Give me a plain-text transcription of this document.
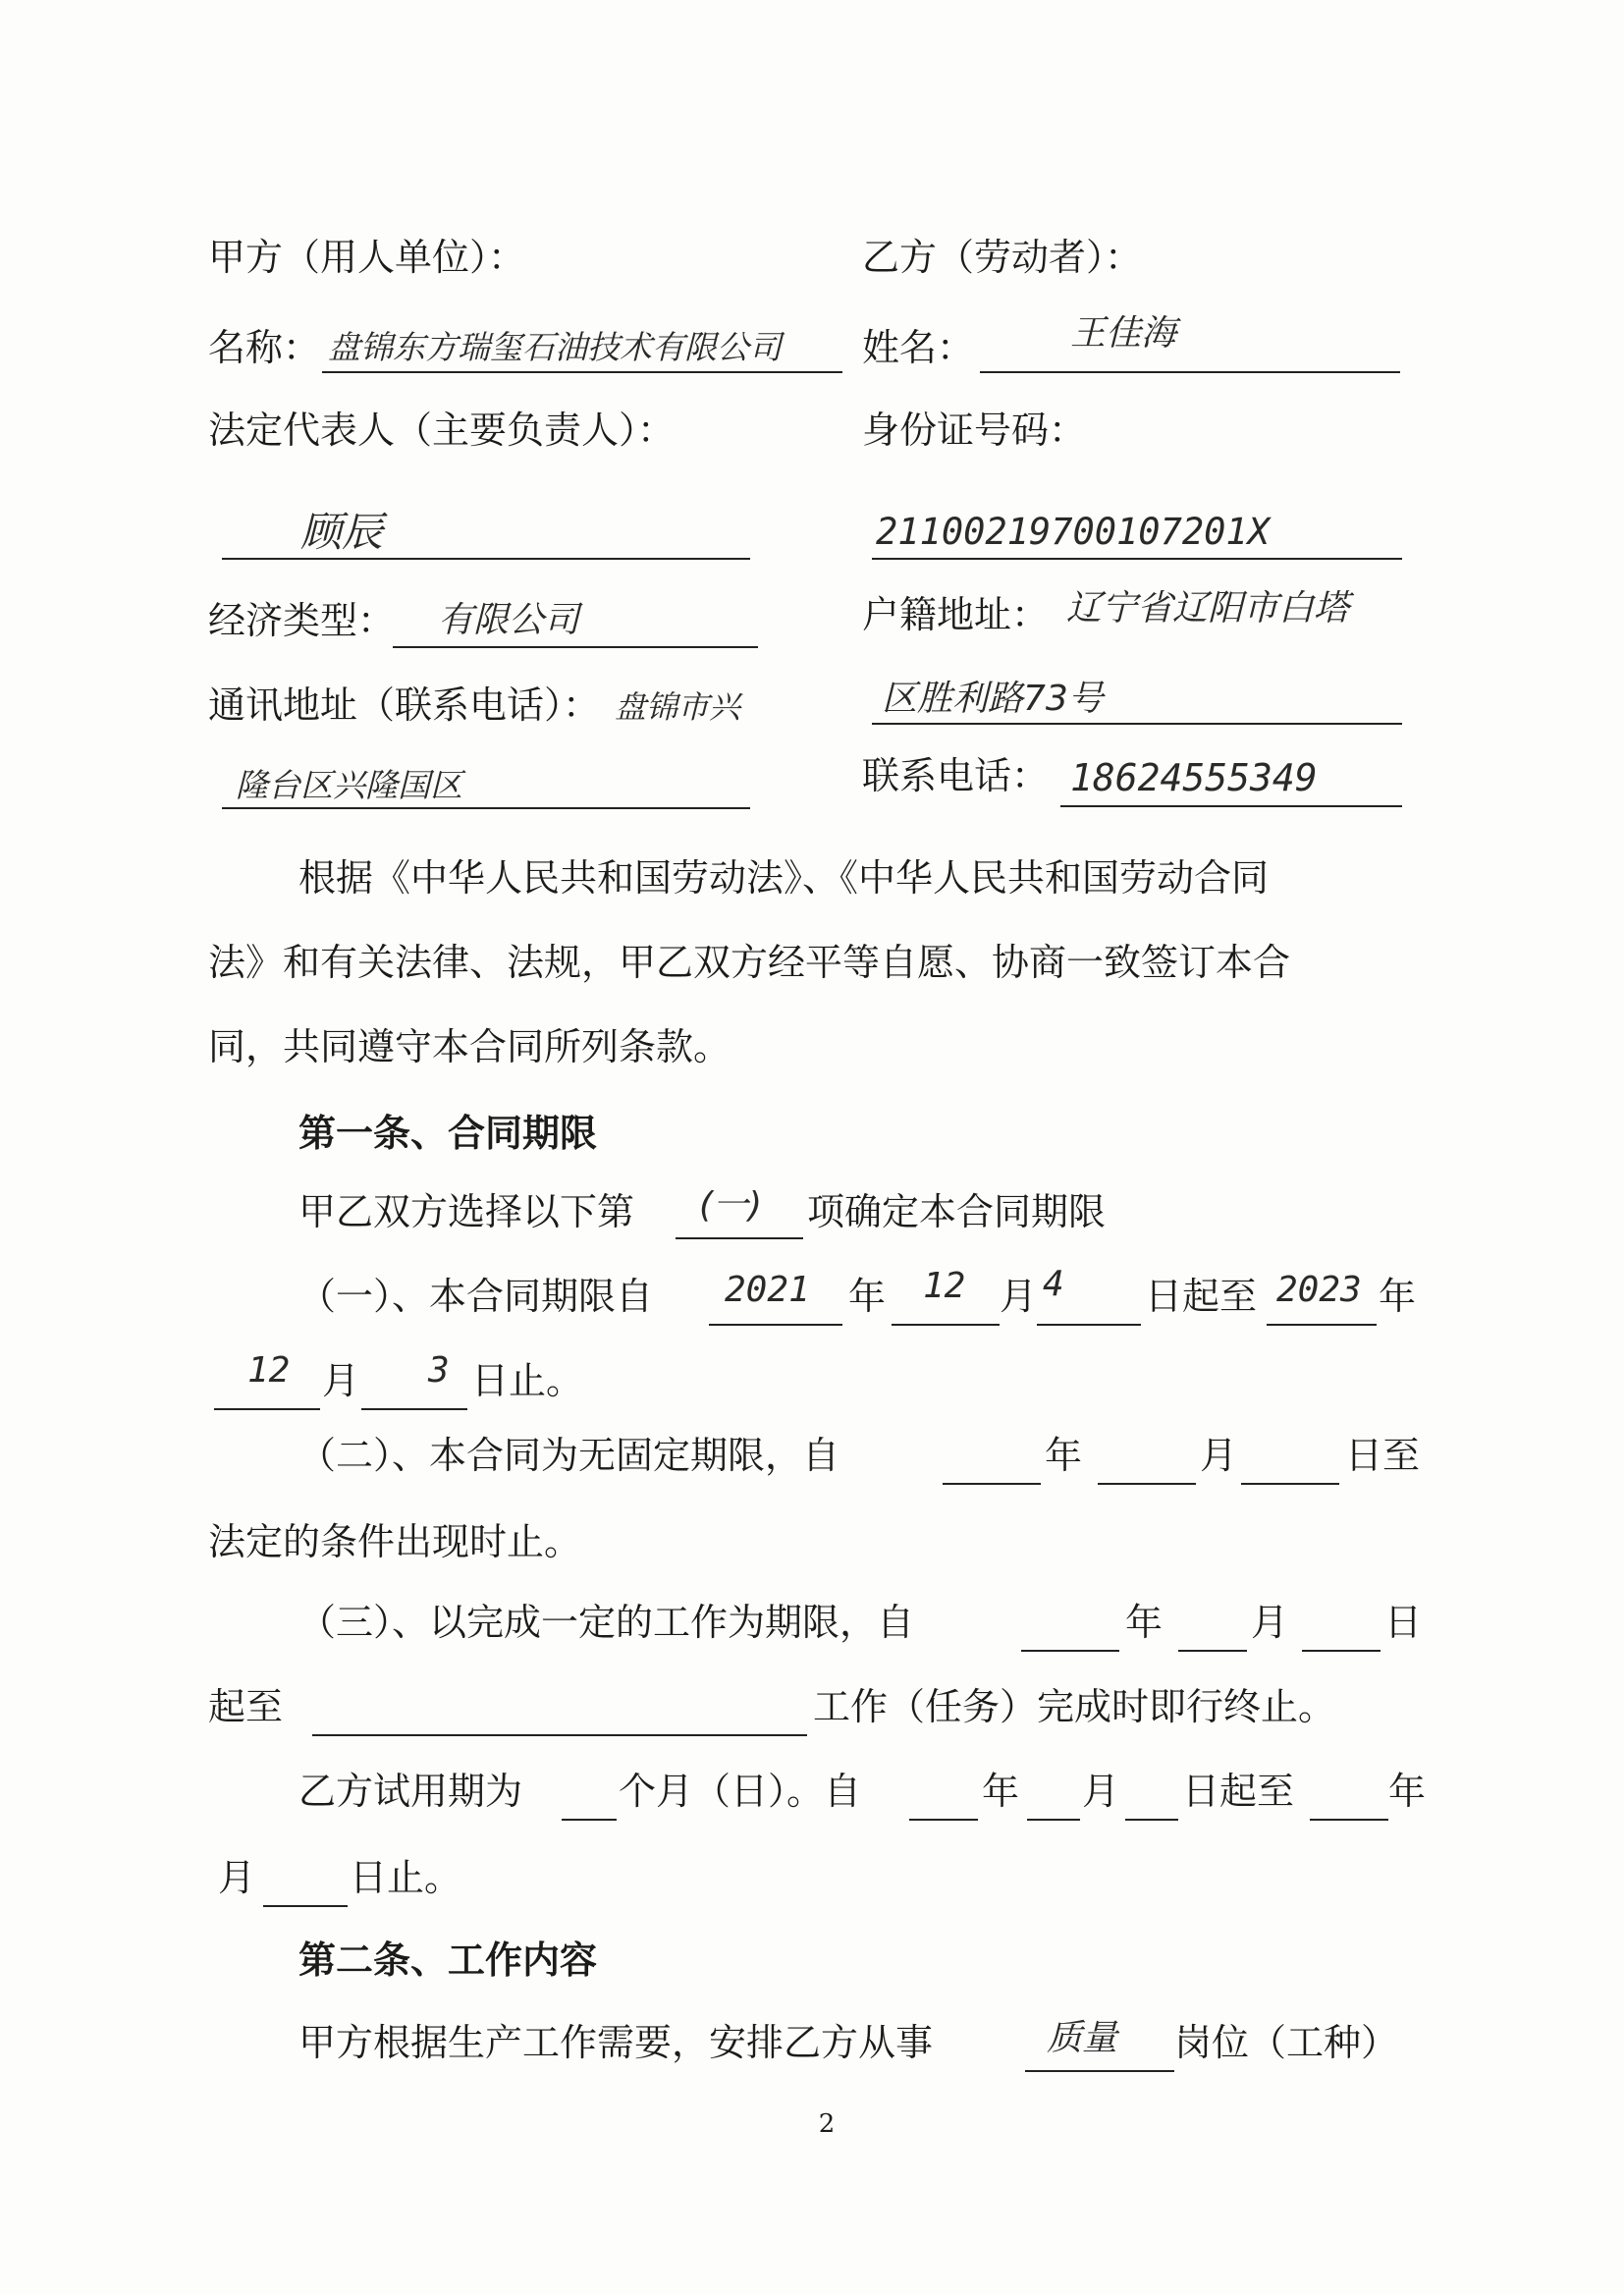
甲方（用人单位）：	乙方（劳动者）：
名称： 盘锦东方瑞玺石油技术有限公司 姓名：	王佳海
法定代表人（主要负责人）：	身份证号码：
顾辰	21100219700107201X
经济类型： 有限公司	户籍地址： 辽宁省辽阳市白塔
通讯地址（联系电话）： 盘锦市兴	区胜利路73号
隆台区兴隆国区	联系电话： 18624555349
根据《中华人民共和国劳动法》、《中华人民共和国劳动合同
法》和有关法律、法规，甲乙双方经平等自愿、协商一致签订本合
同，共同遵守本合同所列条款。
第一条、合同期限
甲乙双方选择以下第 (一) 项确定本合同期限
（一）、本合同期限自 2021 年 12 月 4 日起至 2023 年
12 月 3 日止。
（二）、本合同为无固定期限，自	年	月	日至
法定的条件出现时止。
（三）、以完成一定的工作为期限，自	年 月	日
起至	工作（任务）完成时即行终止。
乙方试用期为	个月（日）。自	年 月 日起至	年
月	日止。
第二条、工作内容
甲方根据生产工作需要，安排乙方从事	质量 岗位（工种）
2
